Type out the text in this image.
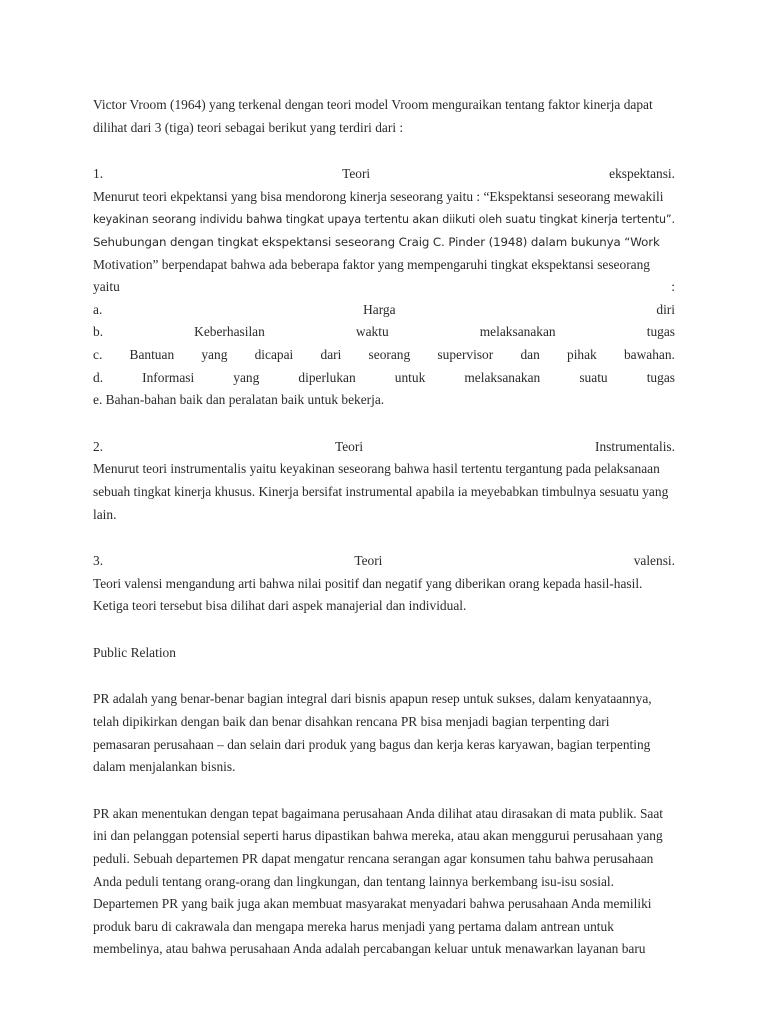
Victor Vroom (1964) yang terkenal dengan teori model Vroom menguraikan tentang faktor kinerja dapat
dilihat dari 3 (tiga) teori sebagai berikut yang terdiri dari :
1.	Teori	ekspektansi.
Menurut teori ekpektansi yang bisa mendorong kinerja seseorang yaitu : “Ekspektansi seseorang mewakili
keyakinan seorang individu bahwa tingkat upaya tertentu akan diikuti oleh suatu tingkat kinerja tertentu”.
Sehubungan dengan tingkat ekspektansi seseorang Craig C. Pinder (1948) dalam bukunya “Work
Motivation” berpendapat bahwa ada beberapa faktor yang mempengaruhi tingkat ekspektansi seseorang
yaitu	:
a.	Harga	diri
b.	Keberhasilan	waktu	melaksanakan	tugas
c. Bantuan yang dicapai dari seorang supervisor dan pihak bawahan.
d.	Informasi	yang	diperlukan	untuk	melaksanakan	suatu	tugas
e. Bahan-bahan baik dan peralatan baik untuk bekerja.
2.	Teori	Instrumentalis.
Menurut teori instrumentalis yaitu keyakinan seseorang bahwa hasil tertentu tergantung pada pelaksanaan
sebuah tingkat kinerja khusus. Kinerja bersifat instrumental apabila ia meyebabkan timbulnya sesuatu yang
lain.
3.	Teori	valensi.
Teori valensi mengandung arti bahwa nilai positif dan negatif yang diberikan orang kepada hasil-hasil.
Ketiga teori tersebut bisa dilihat dari aspek manajerial dan individual.
Public Relation
PR adalah yang benar-benar bagian integral dari bisnis apapun resep untuk sukses, dalam kenyataannya,
telah dipikirkan dengan baik dan benar disahkan rencana PR bisa menjadi bagian terpenting dari
pemasaran perusahaan – dan selain dari produk yang bagus dan kerja keras karyawan, bagian terpenting
dalam menjalankan bisnis.
PR akan menentukan dengan tepat bagaimana perusahaan Anda dilihat atau dirasakan di mata publik. Saat
ini dan pelanggan potensial seperti harus dipastikan bahwa mereka, atau akan menggurui perusahaan yang
peduli. Sebuah departemen PR dapat mengatur rencana serangan agar konsumen tahu bahwa perusahaan
Anda peduli tentang orang-orang dan lingkungan, dan tentang lainnya berkembang isu-isu sosial.
Departemen PR yang baik juga akan membuat masyarakat menyadari bahwa perusahaan Anda memiliki
produk baru di cakrawala dan mengapa mereka harus menjadi yang pertama dalam antrean untuk
membelinya, atau bahwa perusahaan Anda adalah percabangan keluar untuk menawarkan layanan baru
